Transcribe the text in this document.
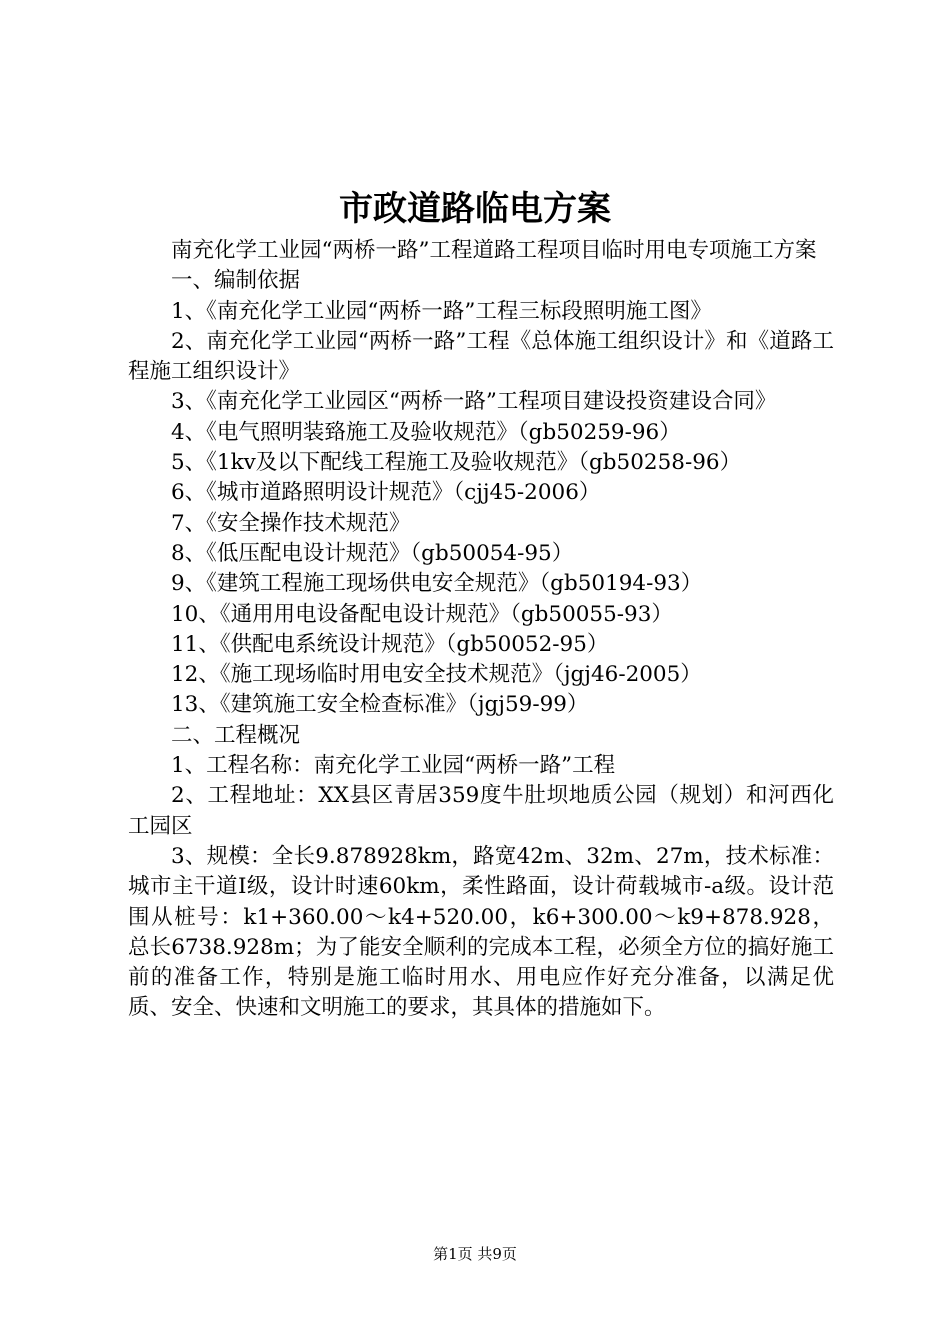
市政道路临电方案

南充化学工业园“两桥一路”工程道路工程项目临时用电专项施工方案

一、编制依据

1、《南充化学工业园“两桥一路”工程三标段照明施工图》

2、南充化学工业园“两桥一路”工程《总体施工组织设计》和《道路工程施工组织设计》

3、《南充化学工业园区“两桥一路”工程项目建设投资建设合同》

4、《电气照明装臵施工及验收规范》（gb50259-96）

5、《1kv及以下配线工程施工及验收规范》（gb50258-96）

6、《城市道路照明设计规范》（cjj45-2006）

7、《安全操作技术规范》

8、《低压配电设计规范》（gb50054-95）

9、《建筑工程施工现场供电安全规范》（gb50194-93）

10、《通用用电设备配电设计规范》（gb50055-93）

11、《供配电系统设计规范》（gb50052-95）

12、《施工现场临时用电安全技术规范》（jgj46-2005）

13、《建筑施工安全检查标准》（jgj59-99）

二、工程概况

1、工程名称：南充化学工业园“两桥一路”工程

2、工程地址：XX县区青居359度牛肚坝地质公园（规划）和河西化工园区

3、规模：全长9.878928km，路宽42m、32m、27m，技术标准：城市主干道Ⅰ级，设计时速60km，柔性路面，设计荷载城市-a级。设计范围从桩号：k1+360.00～k4+520.00，k6+300.00～k9+878.928，总长6738.928m；为了能安全顺利的完成本工程，必须全方位的搞好施工前的准备工作，特别是施工临时用水、用电应作好充分准备，以满足优质、安全、快速和文明施工的要求，其具体的措施如下。

第1页 共9页
